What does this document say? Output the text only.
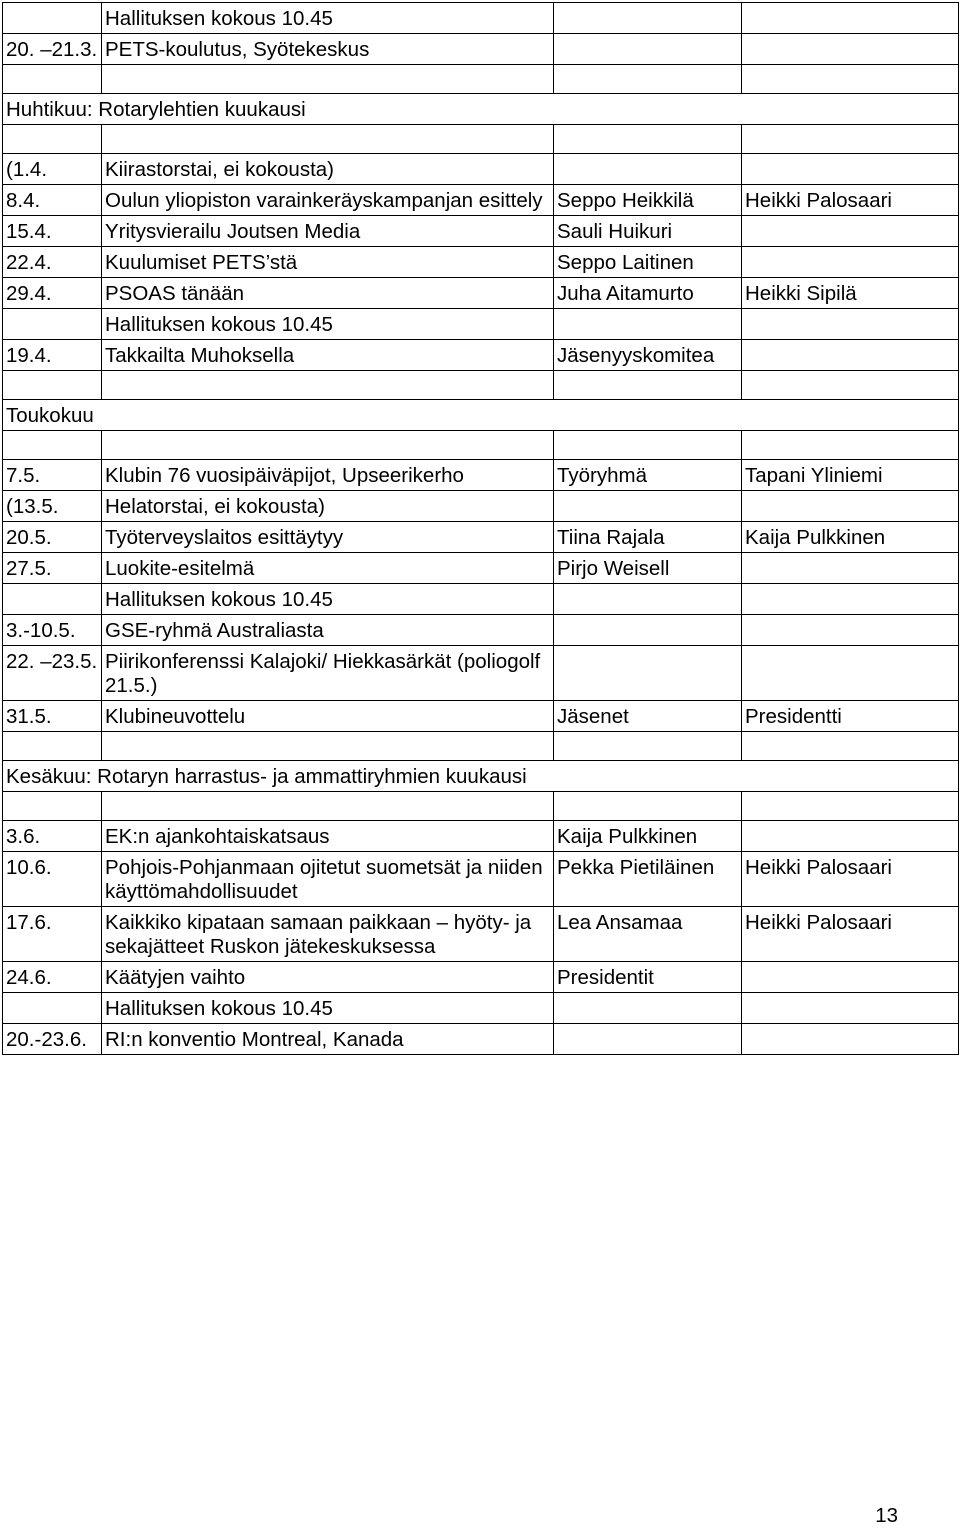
	Hallituksen kokous 10.45		
20. –21.3.	PETS-koulutus, Syötekeskus		

Huhtikuu: Rotarylehtien kuukausi			

(1.4.	Kiirastorstai, ei kokousta)		
8.4.	Oulun yliopiston varainkeräyskampanjan esittely	Seppo Heikkilä	Heikki Palosaari
15.4.	Yritysvierailu Joutsen Media	Sauli Huikuri	
22.4.	Kuulumiset PETS’stä	Seppo Laitinen	
29.4.	PSOAS tänään	Juha Aitamurto	Heikki Sipilä
	Hallituksen kokous 10.45		
19.4.	Takkailta Muhoksella	Jäsenyyskomitea	

Toukokuu			

7.5.	Klubin 76 vuosipäiväpijot, Upseerikerho	Työryhmä	Tapani Yliniemi
(13.5.	Helatorstai, ei kokousta)		
20.5.	Työterveyslaitos esittäytyy	Tiina Rajala	Kaija Pulkkinen
27.5.	Luokite-esitelmä	Pirjo Weisell	
	Hallituksen kokous 10.45		
3.-10.5.	GSE-ryhmä Australiasta		
22. –23.5.	Piirikonferenssi Kalajoki/ Hiekkasärkät (poliogolf 21.5.)		
31.5.	Klubineuvottelu	Jäsenet	Presidentti

Kesäkuu: Rotaryn harrastus- ja ammattiryhmien kuukausi			

3.6.	EK:n ajankohtaiskatsaus	Kaija Pulkkinen	
10.6.	Pohjois-Pohjanmaan ojitetut suometsät ja niiden käyttömahdollisuudet	Pekka Pietiläinen	Heikki Palosaari
17.6.	Kaikkiko kipataan samaan paikkaan – hyöty- ja sekajätteet Ruskon jätekeskuksessa	Lea Ansamaa	Heikki Palosaari
24.6.	Käätyjen vaihto	Presidentit	
	Hallituksen kokous 10.45		
20.-23.6.	RI:n konventio Montreal, Kanada		
13
